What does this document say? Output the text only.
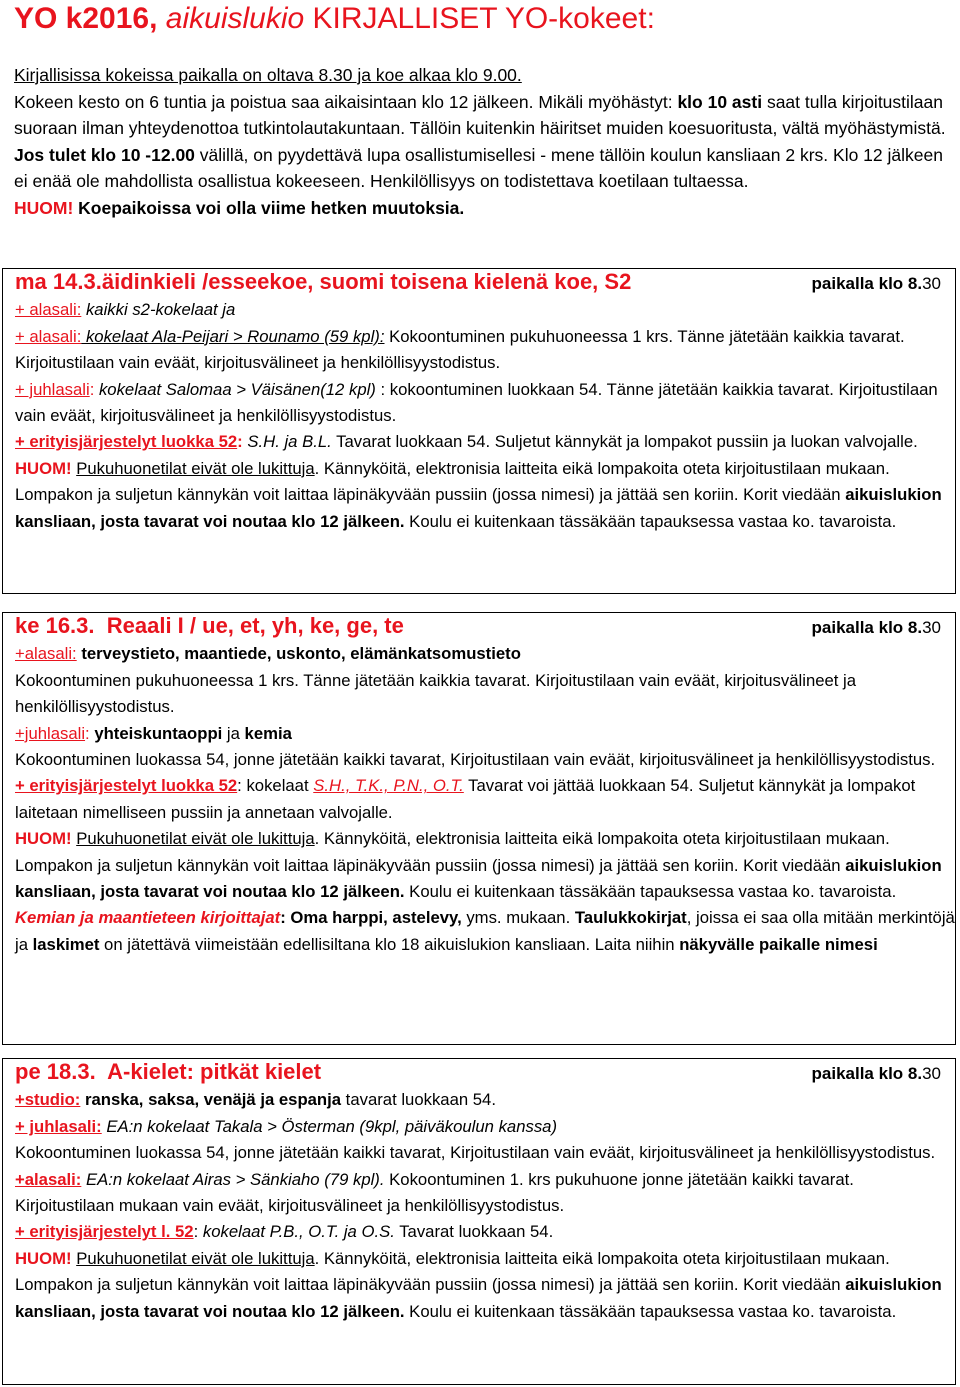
YO k2016, aikuislukio KIRJALLISET YO-kokeet:

Kirjallisissa kokeissa paikalla on oltava 8.30 ja koe alkaa klo 9.00.

Kokeen kesto on 6 tuntia ja poistua saa aikaisintaan klo 12 jälkeen. Mikäli myöhästyt: klo 10 asti saat tulla kirjoitustilaan suoraan ilman yhteydenottoa tutkintolautakuntaan. Tällöin kuitenkin häiritset muiden koesuoritusta, vältä myöhästymistä. Jos tulet klo 10 -12.00 välillä, on pyydettävä lupa osallistumisellesi - mene tällöin koulun kansliaan 2 krs. Klo 12 jälkeen ei enää ole mahdollista osallistua kokeeseen. Henkilöllisyys on todistettava koetilaan tultaessa.

HUOM! Koepaikoissa voi olla viime hetken muutoksia.

ma 14.3.äidinkieli /esseekoe, suomi toisena kielenä koe, S2	paikalla klo 8.30

+ alasali: kaikki s2-kokelaat ja

+ alasali: kokelaat Ala-Peijari > Rounamo (59 kpl): Kokoontuminen pukuhuoneessa 1 krs. Tänne jätetään kaikkia tavarat. Kirjoitustilaan vain eväät, kirjoitusvälineet ja henkilöllisyystodistus.

+ juhlasali: kokelaat Salomaa > Väisänen(12 kpl) : kokoontuminen luokkaan 54. Tänne jätetään kaikkia tavarat. Kirjoitustilaan vain eväät, kirjoitusvälineet ja henkilöllisyystodistus.

+ erityisjärjestelyt luokka 52: S.H. ja B.L. Tavarat luokkaan 54. Suljetut kännykät ja lompakot pussiin ja luokan valvojalle.

HUOM! Pukuhuonetilat eivät ole lukittuja. Kännyköitä, elektronisia laitteita eikä lompakoita oteta kirjoitustilaan mukaan. Lompakon ja suljetun kännykän voit laittaa läpinäkyvään pussiin (jossa nimesi) ja jättää sen koriin. Korit viedään aikuislukion kansliaan, josta tavarat voi noutaa klo 12 jälkeen. Koulu ei kuitenkaan tässäkään tapauksessa vastaa ko. tavaroista.

ke 16.3. Reaali I / ue, et, yh, ke, ge, te	paikalla klo 8.30

+alasali: terveystieto, maantiede, uskonto, elämänkatsomustieto

Kokoontuminen pukuhuoneessa 1 krs. Tänne jätetään kaikkia tavarat. Kirjoitustilaan vain eväät, kirjoitusvälineet ja henkilöllisyystodistus.

+juhlasali: yhteiskuntaoppi ja kemia

Kokoontuminen luokassa 54, jonne jätetään kaikki tavarat, Kirjoitustilaan vain eväät, kirjoitusvälineet ja henkilöllisyystodistus.

+ erityisjärjestelyt luokka 52: kokelaat S.H., T.K., P.N., O.T. Tavarat voi jättää luokkaan 54. Suljetut kännykät ja lompakot laitetaan nimelliseen pussiin ja annetaan valvojalle.

HUOM! Pukuhuonetilat eivät ole lukittuja. Kännyköitä, elektronisia laitteita eikä lompakoita oteta kirjoitustilaan mukaan. Lompakon ja suljetun kännykän voit laittaa läpinäkyvään pussiin (jossa nimesi) ja jättää sen koriin. Korit viedään aikuislukion kansliaan, josta tavarat voi noutaa klo 12 jälkeen. Koulu ei kuitenkaan tässäkään tapauksessa vastaa ko. tavaroista.

Kemian ja maantieteen kirjoittajat: Oma harppi, astelevy, yms. mukaan. Taulukkokirjat, joissa ei saa olla mitään merkintöjä ja laskimet on jätettävä viimeistään edellisiltana klo 18 aikuislukion kansliaan. Laita niihin näkyvälle paikalle nimesi

pe 18.3. A-kielet: pitkät kielet	paikalla klo 8.30

+studio: ranska, saksa, venäjä ja espanja tavarat luokkaan 54.

+ juhlasali: EA:n kokelaat Takala > Österman (9kpl, päiväkoulun kanssa)

Kokoontuminen luokassa 54, jonne jätetään kaikki tavarat, Kirjoitustilaan vain eväät, kirjoitusvälineet ja henkilöllisyystodistus.

+alasali: EA:n kokelaat Airas > Sänkiaho (79 kpl). Kokoontuminen 1. krs pukuhuone jonne jätetään kaikki tavarat. Kirjoitustilaan mukaan vain eväät, kirjoitusvälineet ja henkilöllisyystodistus.

+ erityisjärjestelyt l. 52: kokelaat P.B., O.T. ja O.S. Tavarat luokkaan 54.

HUOM! Pukuhuonetilat eivät ole lukittuja. Kännyköitä, elektronisia laitteita eikä lompakoita oteta kirjoitustilaan mukaan. Lompakon ja suljetun kännykän voit laittaa läpinäkyvään pussiin (jossa nimesi) ja jättää sen koriin. Korit viedään aikuislukion kansliaan, josta tavarat voi noutaa klo 12 jälkeen. Koulu ei kuitenkaan tässäkään tapauksessa vastaa ko. tavaroista.
